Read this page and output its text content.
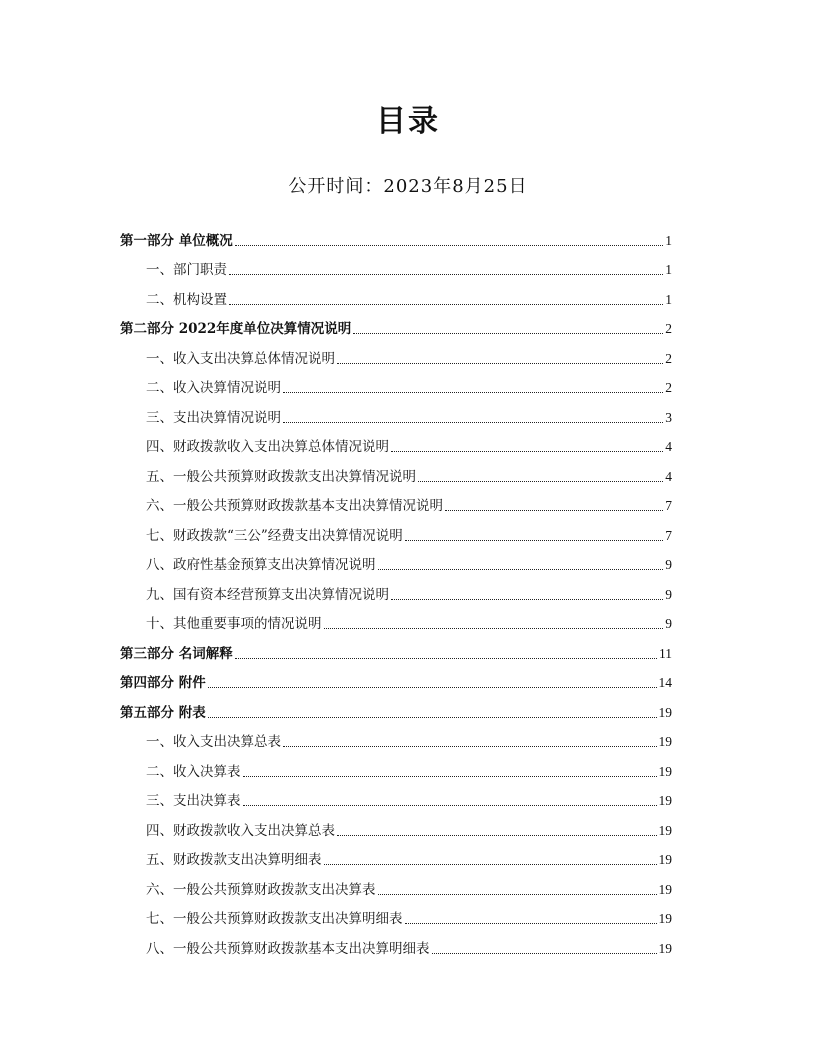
目录
公开时间：2023年8月25日
第一部分 单位概况	1
一、部门职责	1
二、机构设置	1
第二部分 2022年度单位决算情况说明	2
一、收入支出决算总体情况说明	2
二、收入决算情况说明	2
三、支出决算情况说明	3
四、财政拨款收入支出决算总体情况说明	4
五、一般公共预算财政拨款支出决算情况说明	4
六、一般公共预算财政拨款基本支出决算情况说明	7
七、财政拨款“三公”经费支出决算情况说明	7
八、政府性基金预算支出决算情况说明	9
九、国有资本经营预算支出决算情况说明	9
十、其他重要事项的情况说明	9
第三部分 名词解释	11
第四部分 附件	14
第五部分 附表	19
一、收入支出决算总表	19
二、收入决算表	19
三、支出决算表	19
四、财政拨款收入支出决算总表	19
五、财政拨款支出决算明细表	19
六、一般公共预算财政拨款支出决算表	19
七、一般公共预算财政拨款支出决算明细表	19
八、一般公共预算财政拨款基本支出决算明细表	19
